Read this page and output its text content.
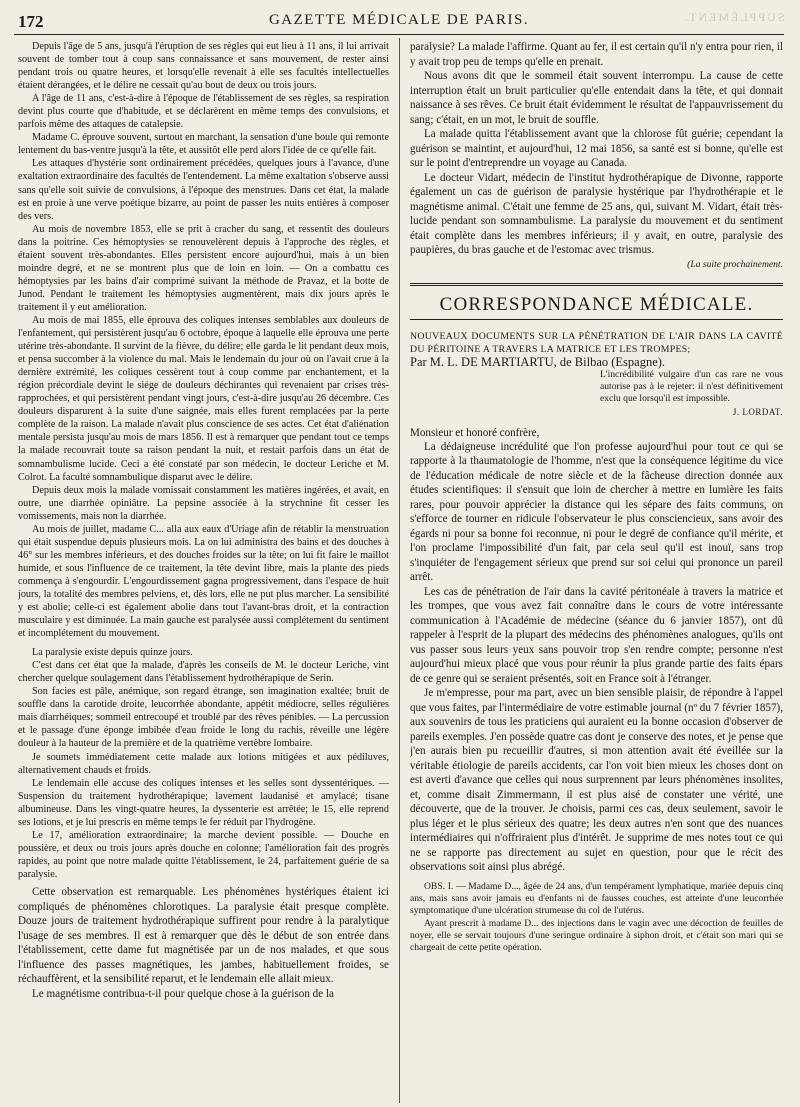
172	GAZETTE MÉDICALE DE PARIS.	SUPPLÉMENT.

Depuis l'âge de 5 ans, jusqu'à l'éruption de ses règles qui eut lieu à 11 ans, il lui arrivait souvent de tomber tout à coup sans connaissance et sans mouvement, de rester ainsi pendant trois ou quatre heures, et lorsqu'elle revenait à elle ses facultés intellectuelles étaient dérangées, et le délire ne cessait qu'au bout de deux ou trois jours.

A l'âge de 11 ans, c'est-à-dire à l'époque de l'établissement de ses règles, sa respiration devint plus courte que d'habitude, et se déclarèrent en même temps des convulsions, et parfois même des attaques de catalepsie.

Madame C. éprouve souvent, surtout en marchant, la sensation d'une boule qui remonte lentement du bas-ventre jusqu'à la tête, et aussitôt elle perd alors l'idée de ce qu'elle fait.

Les attaques d'hystérie sont ordinairement précédées, quelques jours à l'avance, d'une exaltation extraordinaire des facultés de l'entendement. La même exaltation s'observe aussi sans qu'elle soit suivie de convulsions, à l'époque des menstrues. Dans cet état, la malade est en proie à une verve poétique bizarre, au point de passer les nuits entières à composer des vers.

Au mois de novembre 1853, elle se prit à cracher du sang, et ressentit des douleurs dans la poitrine. Ces hémoptysies se renouvelèrent depuis à l'approche des règles, et étaient souvent très-abondantes. Elles persistent encore aujourd'hui, mais à un bien moindre degré, et ne se montrent plus que de loin en loin. — On a combattu ces hémoptysies par les bains d'air comprimé suivant la méthode de Pravaz, et la botte de Junod. Pendant le traitement les hémoptysies augmentèrent, mais dix jours après le traitement il y eut amélioration.

Au mois de mai 1855, elle éprouva des coliques intenses semblables aux douleurs de l'enfantement, qui persistèrent jusqu'au 6 octobre, époque à laquelle elle éprouva une perte utérine très-abondante. Il survint de la fièvre, du délire; elle garda le lit pendant deux mois, et pensa succomber à la violence du mal. Mais le lendemain du jour où on l'avait crue à la dernière extrémité, les coliques cessèrent tout à coup comme par enchantement, et la région précordiale devint le siége de douleurs déchirantes qui revenaient par crises très-rapprochées, et qui persistèrent pendant vingt jours, c'est-à-dire jusqu'au 26 décembre. Ces douleurs disparurent à la suite d'une saignée, mais elles furent remplacées par la perte complète de la raison. La malade n'avait plus conscience de ses actes. Cet état d'aliénation mentale persista jusqu'au mois de mars 1856. Il est à remarquer que pendant tout ce temps la malade recouvrait toute sa raison pendant la nuit, et restait parfois dans un état de somnambulisme lucide. Ceci a été constaté par son médecin, le docteur Leriche et M. Colrot. La faculté somnambulique disparut avec le délire.

Depuis deux mois la malade vomissait constamment les matières ingérées, et avait, en outre, une diarrhée opiniâtre. La pepsine associée à la strychnine fit cesser les vomissements, mais non la diarrhée.

Au mois de juillet, madame C... alla aux eaux d'Uriage afin de rétablir la menstruation qui était suspendue depuis plusieurs mois. La on lui administra des bains et des douches à 46° sur les membres inférieurs, et des douches froides sur la tête; on lui fit faire le maillot humide, et sous l'influence de ce traitement, la tête devint libre, mais la plante des pieds commença à s'engourdir. L'engourdissement gagna progressivement, dans l'espace de huit jours, la totalité des membres pelviens, et, dès lors, elle ne put plus marcher. La sensibilité y est abolie; celle-ci est également abolie dans tout l'avant-bras droit, et la contraction musculaire y est diminuée. La main gauche est paralysée aussi complétement du sentiment et incomplétement du mouvement.

La paralysie existe depuis quinze jours.

C'est dans cet état que la malade, d'après les conseils de M. le docteur Leriche, vint chercher quelque soulagement dans l'établissement hydrothérapique de Serin.

Son facies est pâle, anémique, son regard étrange, son imagination exaltée; bruit de souffle dans la carotide droite, leucorrhée abondante, appétit médiocre, selles régulières mais diarrhéiques; sommeil entrecoupé et troublé par des rêves pénibles. — La percussion et le passage d'une éponge imbibée d'eau froide le long du rachis, réveille une légère douleur à la hauteur de la première et de la quatrième vertèbre lombaire.

Je soumets immédiatement cette malade aux lotions mitigées et aux pédiluves, alternativement chauds et froids.

Le lendemain elle accuse des coliques intenses et les selles sont dyssentériques. — Suspension du traitement hydrothérapique; lavement laudanisé et amylacé; tisane albumineuse. Dans les vingt-quatre heures, la dyssenterie est arrêtée; le 15, elle reprend ses lotions, et je lui prescris en même temps le fer réduit par l'hydrogène.

Le 17, amélioration extraordinaire; la marche devient possible. — Douche en poussière, et deux ou trois jours après douche en colonne; l'amélioration fait des progrès rapides, au point que notre malade quitte l'établissement, le 24, parfaitement guérie de sa paralysie.

Cette observation est remarquable. Les phénomènes hystériques étaient ici compliqués de phénomènes chlorotiques. La paralysie était presque complète. Douze jours de traitement hydrothérapique suffirent pour rendre à la paralytique l'usage de ses membres. Il est à remarquer que dès le début de son entrée dans l'établissement, cette dame fut magnétisée par un de nos malades, et que sous l'influence des passes magnétiques, les jambes, habituellement froides, se réchauffèrent, et la sensibilité reparut, et le lendemain elle allait mieux.

Le magnétisme contribua-t-il pour quelque chose à la guérison de la

paralysie? La malade l'affirme. Quant au fer, il est certain qu'il n'y entra pour rien, il y avait trop peu de temps qu'elle en prenait.

Nous avons dit que le sommeil était souvent interrompu. La cause de cette interruption était un bruit particulier qu'elle entendait dans la tête, et qui donnait naissance à ses rêves. Ce bruit était évidemment le résultat de l'appauvrissement du sang; c'était, en un mot, le bruit de souffle.

La malade quitta l'établissement avant que la chlorose fût guérie; cependant la guérison se maintint, et aujourd'hui, 12 mai 1856, sa santé est si bonne, qu'elle est sur le point d'entreprendre un voyage au Canada.

Le docteur Vidart, médecin de l'institut hydrothérapique de Divonne, rapporte également un cas de guérison de paralysie hystérique par l'hydrothérapie et le magnétisme animal. C'était une femme de 25 ans, qui, suivant M. Vidart, était très-lucide pendant son somnambulisme. La paralysie du mouvement et du sentiment était complète dans les membres inférieurs; il y avait, en outre, paralysie des paupières, du bras gauche et de l'estomac avec trismus.

(La suite prochainement.

CORRESPONDANCE MÉDICALE.

NOUVEAUX DOCUMENTS SUR LA PÉNÉTRATION DE L'AIR DANS LA CAVITÉ DU PÉRITOINE A TRAVERS LA MATRICE ET LES TROMPES;

Par M. L. DE MARTIARTU, de Bilbao (Espagne).

L'incrédibilité vulgaire d'un cas rare ne vous autorise pas à le rejeter: il n'est définitivement exclu que lorsqu'il est impossible.
J. LORDAT.

Monsieur et honoré confrère,

La dédaigneuse incrédulité que l'on professe aujourd'hui pour tout ce qui se rapporte à la thaumatologie de l'homme, n'est que la conséquence légitime du vice de l'éducation médicale de notre siècle et de la fâcheuse direction donnée aux études scientifiques: il s'ensuit que loin de chercher à mettre en lumière les faits rares, pour pouvoir apprécier la distance qui les sépare des faits communs, on s'efforce de tourner en ridicule l'observateur le plus consciencieux, sans avoir des égards ni pour sa bonne foi reconnue, ni pour le degré de confiance qu'il mérite, et l'on proclame l'impossibilité d'un fait, par cela seul qu'il est inouï, sans trop s'inquiéter de l'engagement sérieux que prend sur soi celui qui prononce un pareil arrêt.

Les cas de pénétration de l'air dans la cavité péritonéale à travers la matrice et les trompes, que vous avez fait connaître dans le cours de votre intéressante communication à l'Académie de médecine (séance du 6 janvier 1857), ont dû rappeler à l'esprit de la plupart des médecins des phénomènes analogues, qu'ils ont vus passer sous leurs yeux sans pouvoir trop s'en rendre compte; personne n'est aujourd'hui mieux placé que vous pour réunir la plus grande partie des faits épars de ce genre qui se seraient présentés, soit en France soit à l'étranger.

Je m'empresse, pour ma part, avec un bien sensible plaisir, de répondre à l'appel que vous faites, par l'intermédiaire de votre estimable journal (nº du 7 février 1857), aux souvenirs de tous les praticiens qui auraient eu la bonne occasion d'observer de pareils exemples. J'en possède quatre cas dont je conserve des notes, et je pense que j'en aurais bien pu recueillir d'autres, si mon attention avait été éveillée sur la véritable étiologie de pareils accidents, car l'on voit bien mieux les choses dont on est averti d'avance que celles qui nous surprennent par leurs phénomènes insolites, et, comme disait Zimmermann, il est plus aisé de constater une vérité, une découverte, que de la trouver. Je choisis, parmi ces cas, deux seulement, savoir le plus léger et le plus sérieux des quatre; les deux autres n'en sont que des nuances intermédiaires qui n'offriraient plus d'intérêt. Je supprime de mes notes tout ce qui ne se rapporte pas directement au sujet en question, pour que le récit des observations soit ainsi plus abrégé.

OBS. I. — Madame D..., âgée de 24 ans, d'un tempérament lymphatique, mariée depuis cinq ans, mais sans avoir jamais eu d'enfants ni de fausses couches, est atteinte d'une leucorrhée symptomatique d'une ulcération strumeuse du col de l'utérus.

Ayant prescrit à madame D... des injections dans le vagin avec une décoction de feuilles de noyer, elle se servait toujours d'une seringue ordinaire à siphon droit, et c'était son mari qui se chargeait de cette petite opération.
